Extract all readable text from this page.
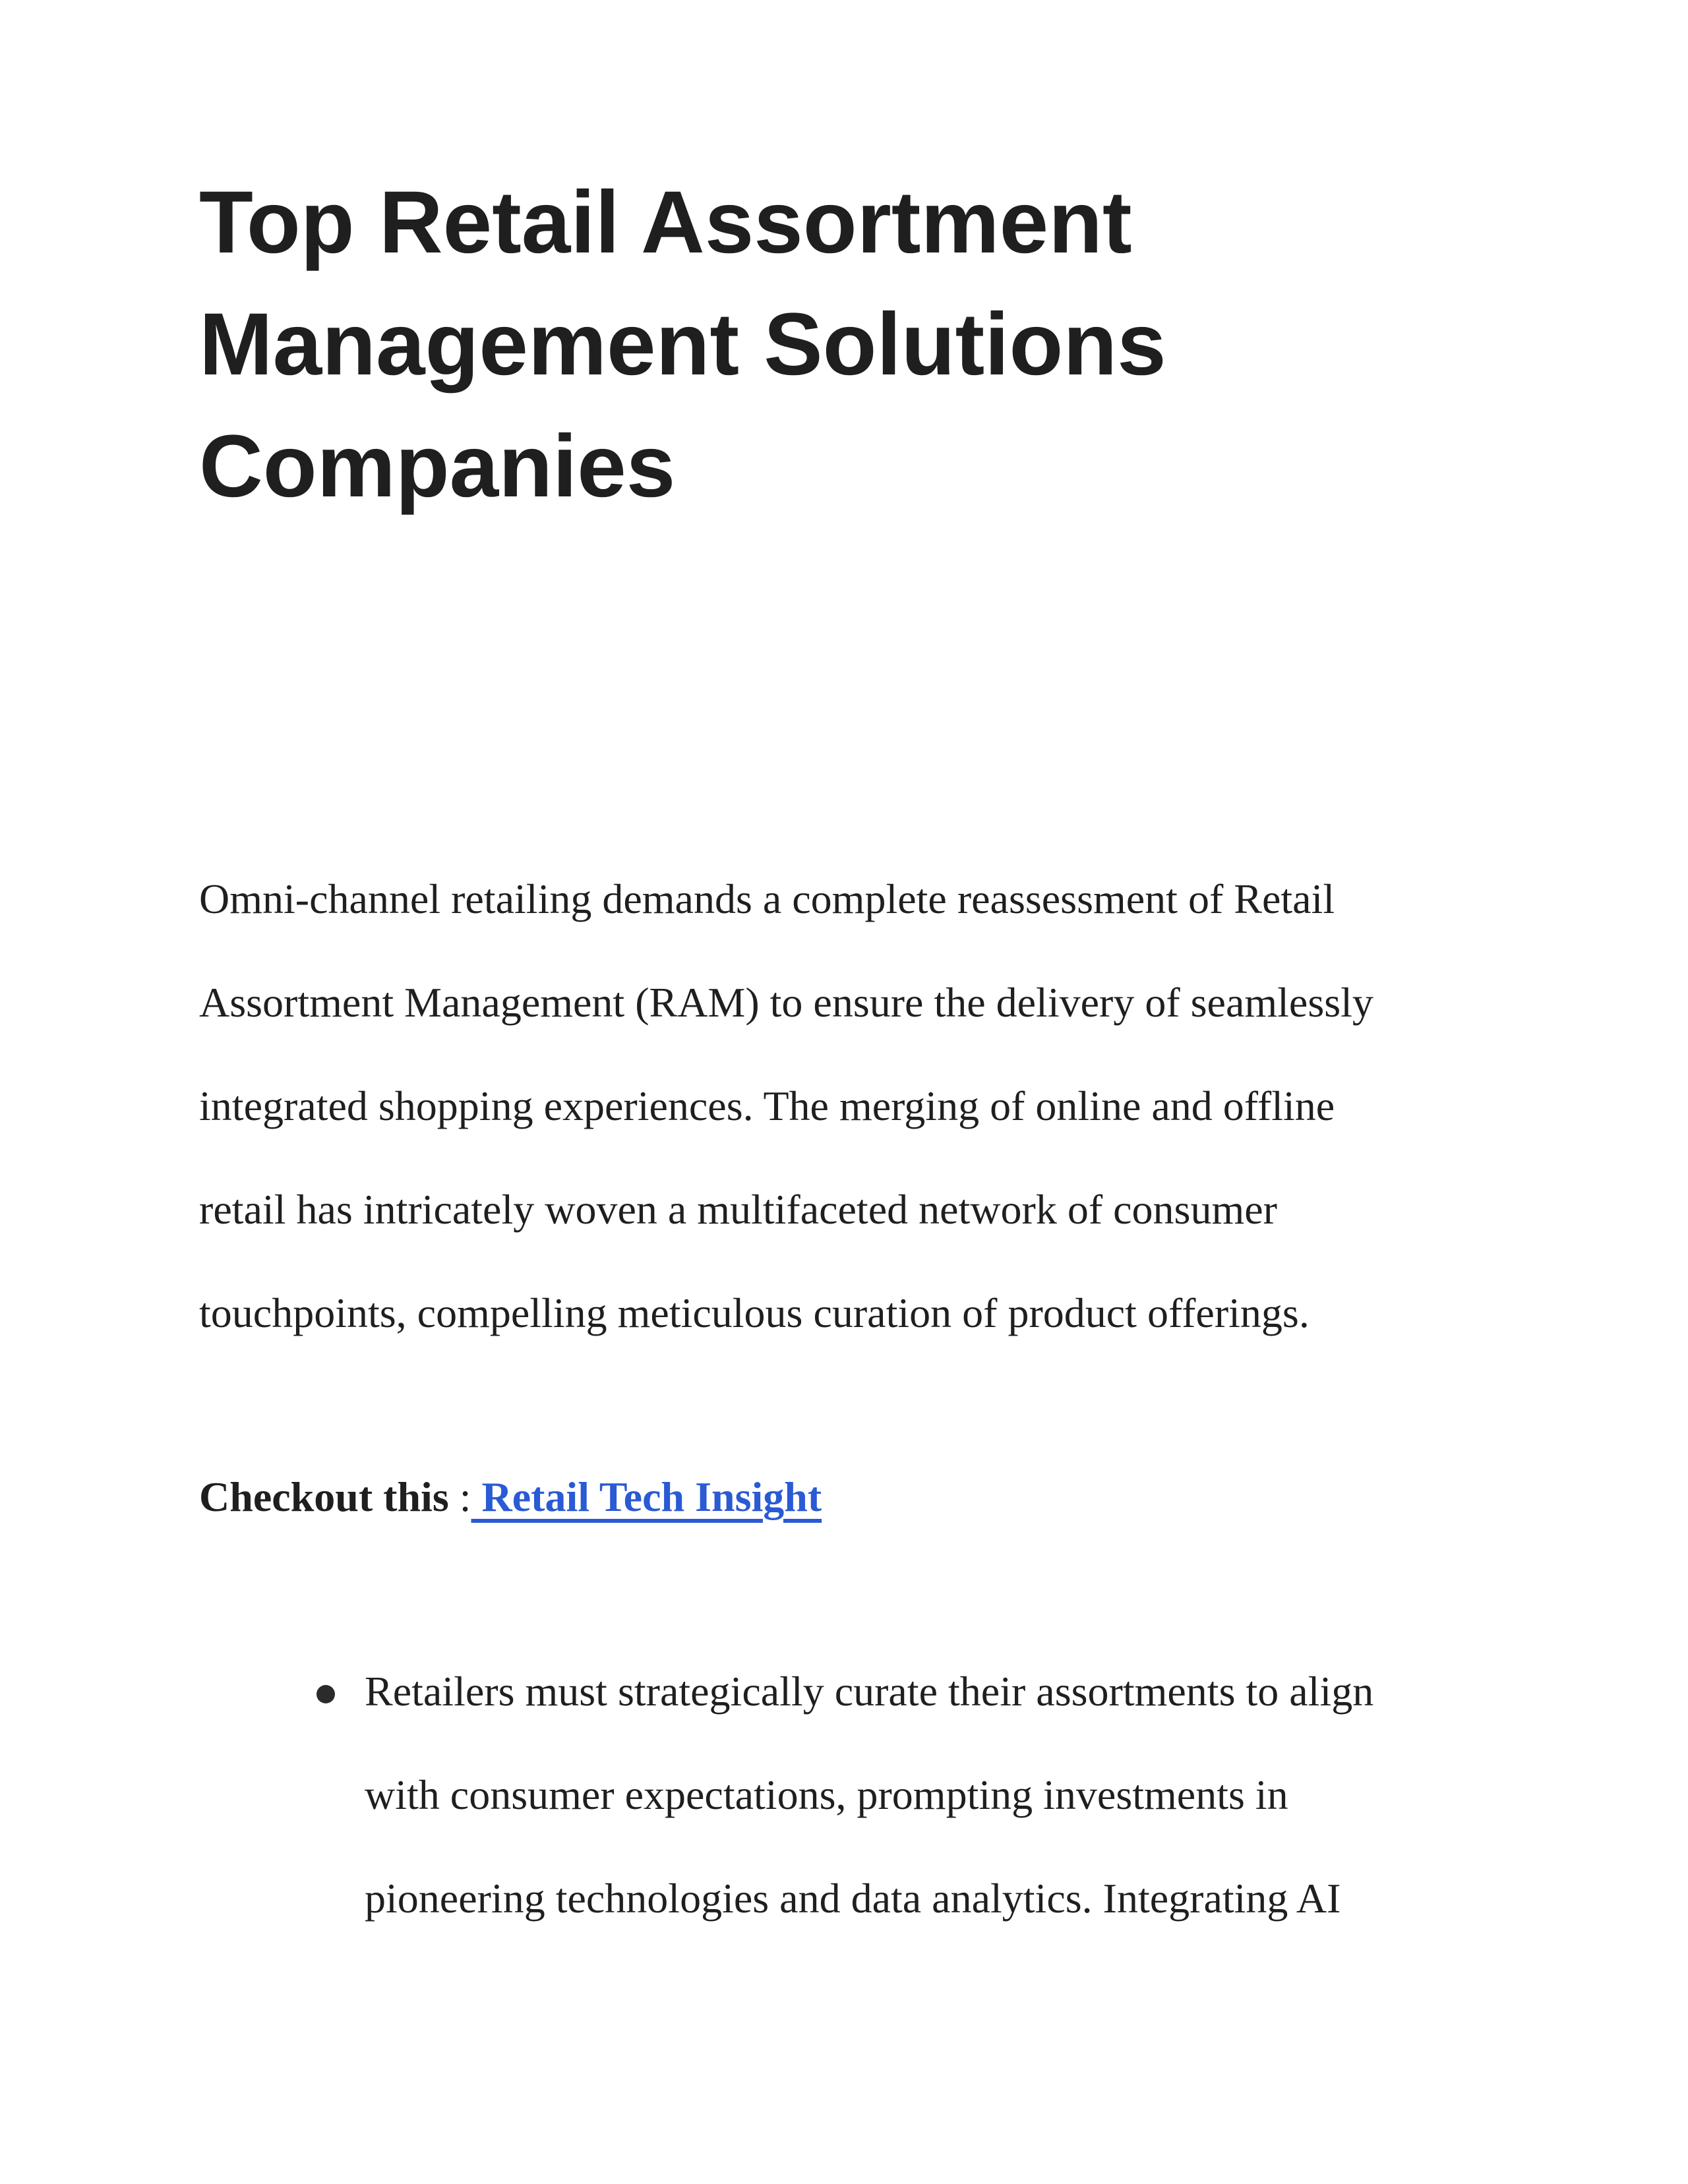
Top Retail Assortment
Management Solutions
Companies
Omni-channel retailing demands a complete reassessment of Retail
Assortment Management (RAM) to ensure the delivery of seamlessly
integrated shopping experiences. The merging of online and offline
retail has intricately woven a multifaceted network of consumer
touchpoints, compelling meticulous curation of product offerings.
Checkout this : Retail Tech Insight
Retailers must strategically curate their assortments to align
with consumer expectations, prompting investments in
pioneering technologies and data analytics. Integrating AI
